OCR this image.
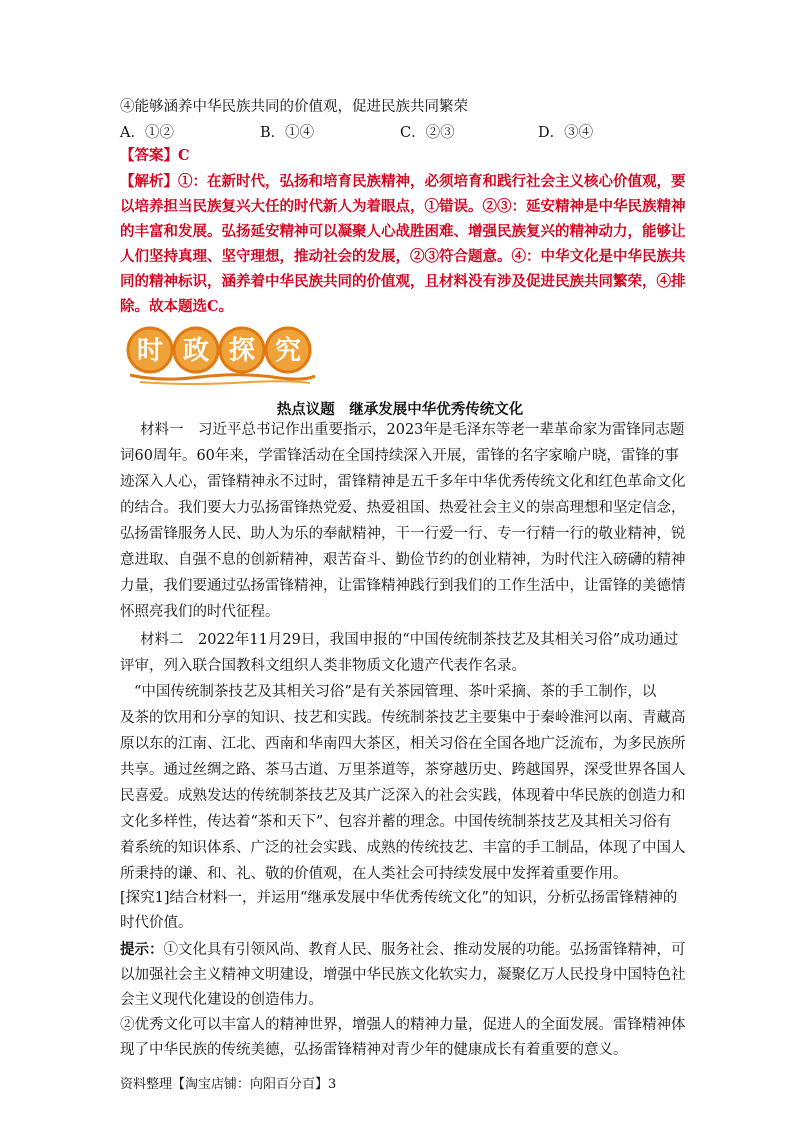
④能够涵养中华民族共同的价值观，促进民族共同繁荣
A．①②	B．①④	C．②③	D．③④
【答案】C
【解析】①：在新时代，弘扬和培育民族精神，必须培育和践行社会主义核心价值观，要
以培养担当民族复兴大任的时代新人为着眼点，①错误。②③：延安精神是中华民族精神
的丰富和发展。弘扬延安精神可以凝聚人心战胜困难、增强民族复兴的精神动力，能够让
人们坚持真理、坚守理想，推动社会的发展，②③符合题意。④：中华文化是中华民族共
同的精神标识，涵养着中华民族共同的价值观，且材料没有涉及促进民族共同繁荣，④排
除。故本题选C。
时 政 探 究
热点议题　继承发展中华优秀传统文化
材料一　习近平总书记作出重要指示，2023年是毛泽东等老一辈革命家为雷锋同志题
词60周年。60年来，学雷锋活动在全国持续深入开展，雷锋的名字家喻户晓，雷锋的事
迹深入人心，雷锋精神永不过时，雷锋精神是五千多年中华优秀传统文化和红色革命文化
的结合。我们要大力弘扬雷锋热党爱、热爱祖国、热爱社会主义的崇高理想和坚定信念，
弘扬雷锋服务人民、助人为乐的奉献精神，干一行爱一行、专一行精一行的敬业精神，锐
意进取、自强不息的创新精神，艰苦奋斗、勤俭节约的创业精神，为时代注入磅礴的精神
力量，我们要通过弘扬雷锋精神，让雷锋精神践行到我们的工作生活中，让雷锋的美德情
怀照亮我们的时代征程。
材料二　2022年11月29日，我国申报的“中国传统制茶技艺及其相关习俗”成功通过
评审，列入联合国教科文组织人类非物质文化遗产代表作名录。
“中国传统制茶技艺及其相关习俗”是有关茶园管理、茶叶采摘、茶的手工制作，以
及茶的饮用和分享的知识、技艺和实践。传统制茶技艺主要集中于秦岭淮河以南、青藏高
原以东的江南、江北、西南和华南四大茶区，相关习俗在全国各地广泛流布，为多民族所
共享。通过丝绸之路、茶马古道、万里茶道等，茶穿越历史、跨越国界，深受世界各国人
民喜爱。成熟发达的传统制茶技艺及其广泛深入的社会实践，体现着中华民族的创造力和
文化多样性，传达着“茶和天下”、包容并蓄的理念。中国传统制茶技艺及其相关习俗有
着系统的知识体系、广泛的社会实践、成熟的传统技艺、丰富的手工制品，体现了中国人
所秉持的谦、和、礼、敬的价值观，在人类社会可持续发展中发挥着重要作用。
[探究1]结合材料一，并运用“继承发展中华优秀传统文化”的知识，分析弘扬雷锋精神的
时代价值。
提示：①文化具有引领风尚、教育人民、服务社会、推动发展的功能。弘扬雷锋精神，可
以加强社会主义精神文明建设，增强中华民族文化软实力，凝聚亿万人民投身中国特色社
会主义现代化建设的创造伟力。
②优秀文化可以丰富人的精神世界，增强人的精神力量，促进人的全面发展。雷锋精神体
现了中华民族的传统美德，弘扬雷锋精神对青少年的健康成长有着重要的意义。
资料整理【淘宝店铺：向阳百分百】3
